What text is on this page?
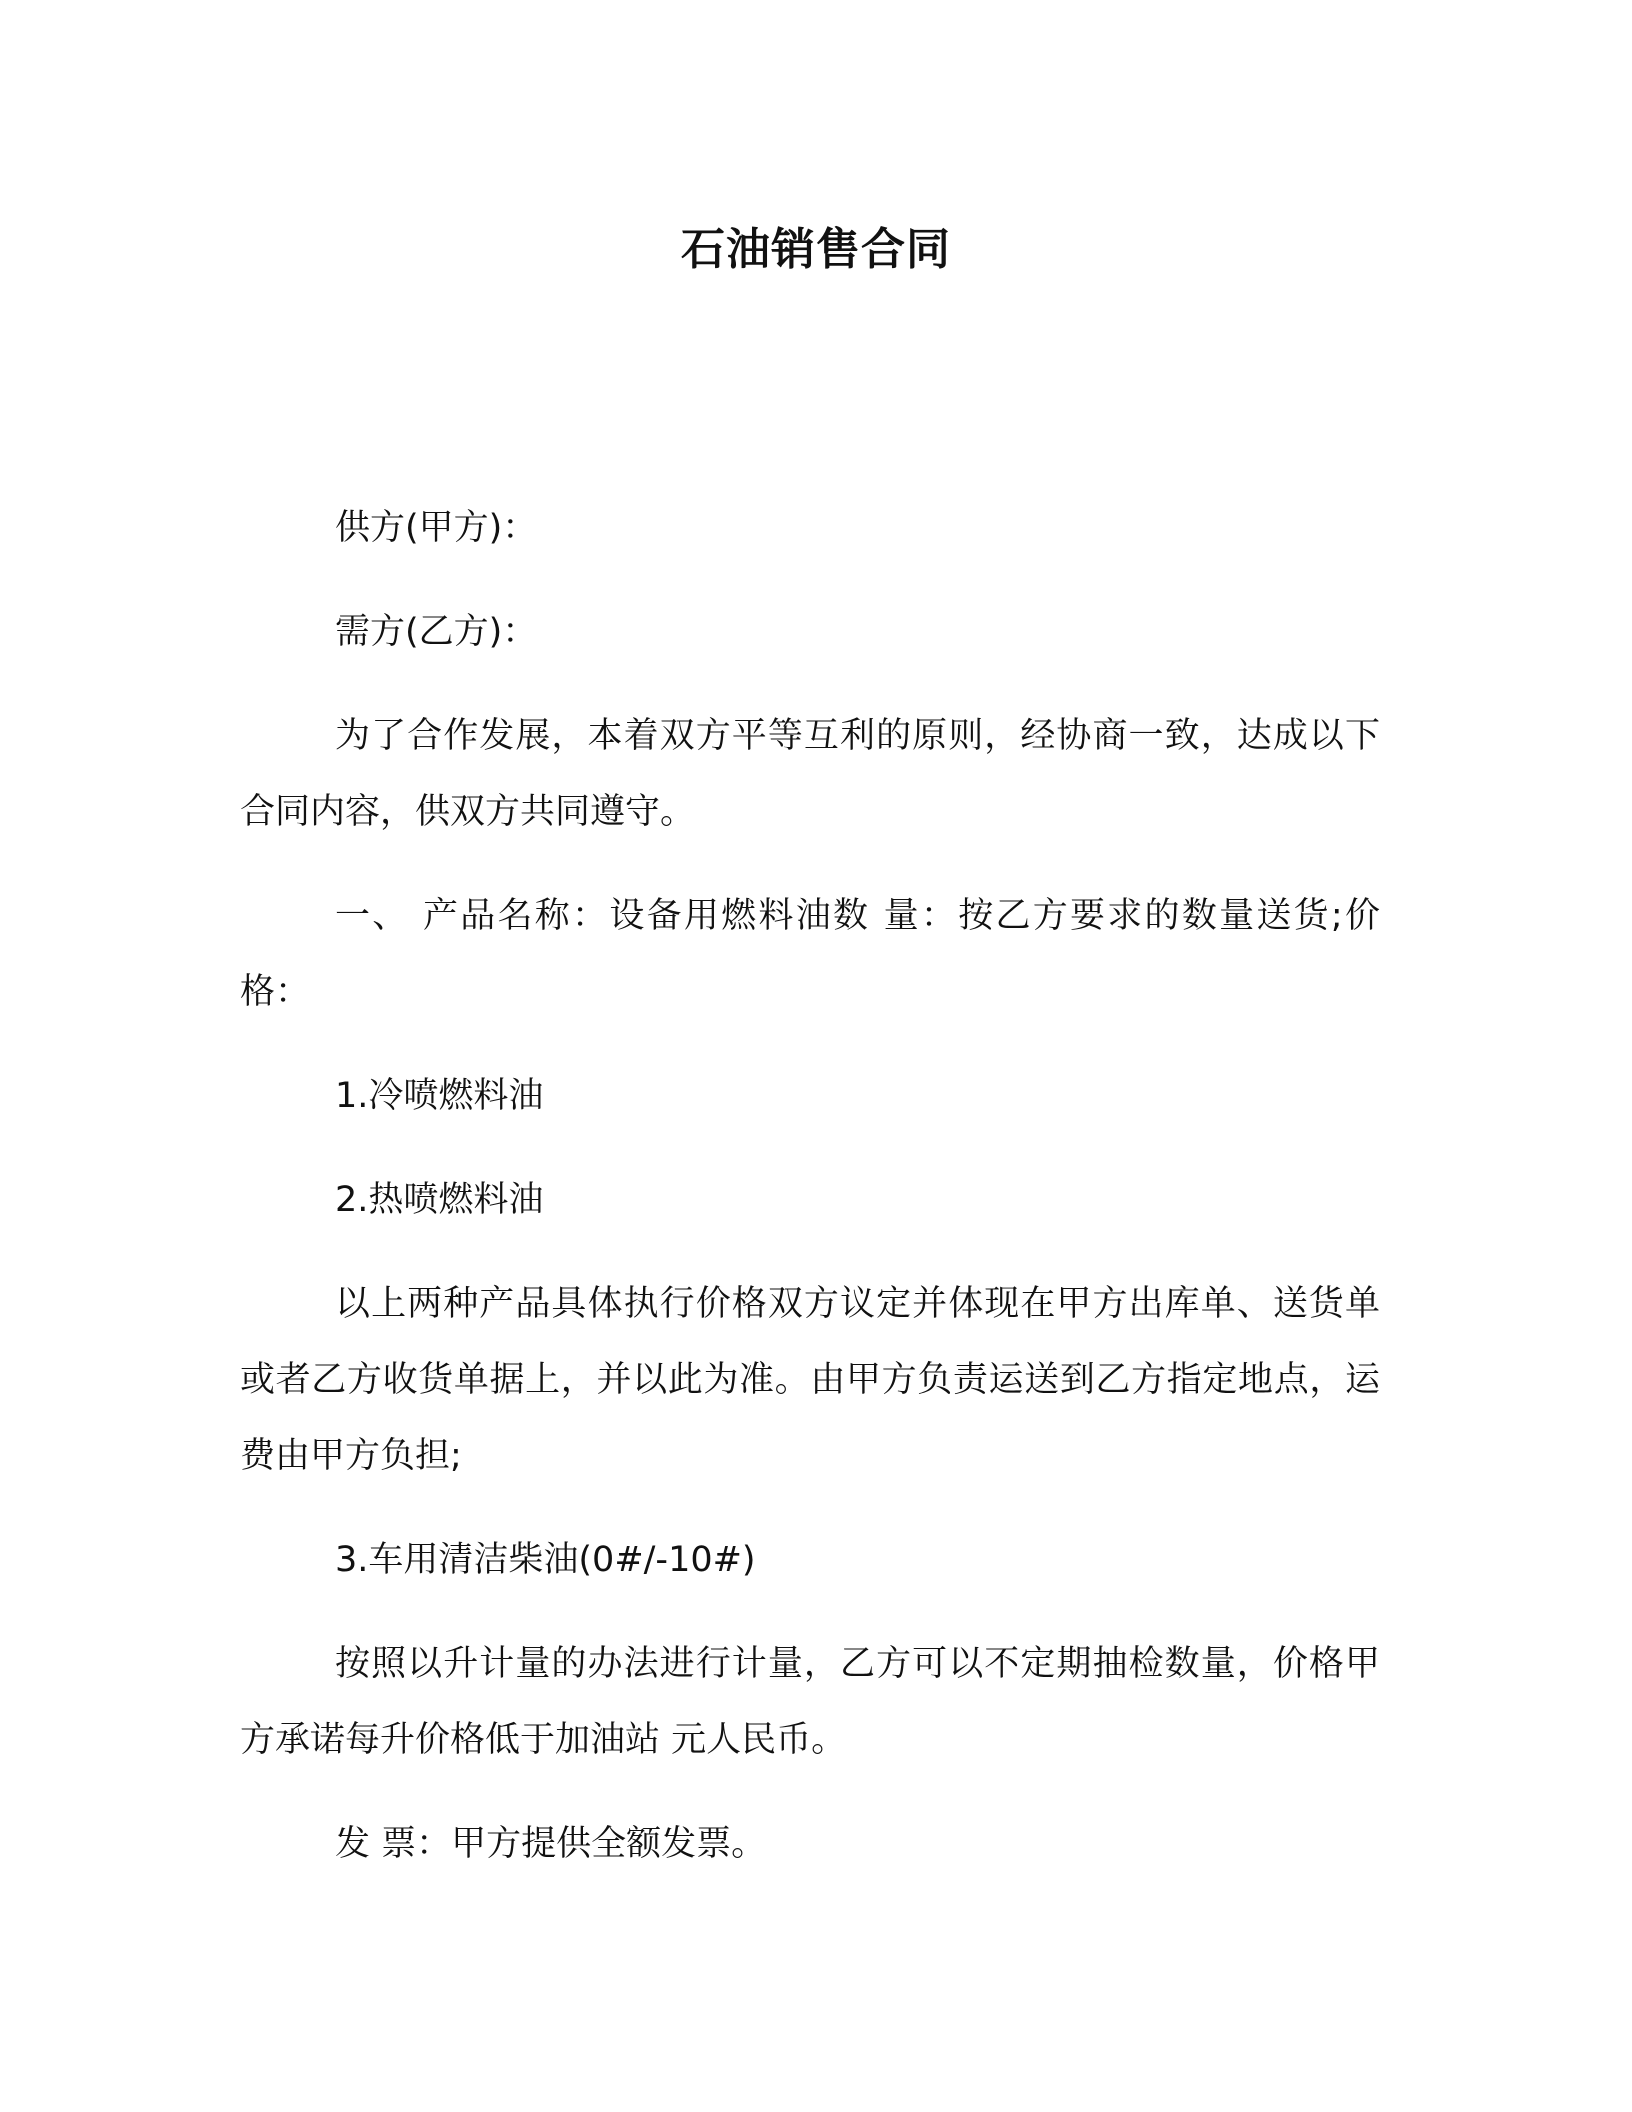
石油销售合同

供方(甲方)：

需方(乙方)：

为了合作发展，本着双方平等互利的原则，经协商一致，达成以下合同内容，供双方共同遵守。

一、 产品名称：设备用燃料油数 量：按乙方要求的数量送货;价格：

1.冷喷燃料油

2.热喷燃料油

以上两种产品具体执行价格双方议定并体现在甲方出库单、送货单或者乙方收货单据上，并以此为准。由甲方负责运送到乙方指定地点，运费由甲方负担;

3.车用清洁柴油(0#/-10#)

按照以升计量的办法进行计量，乙方可以不定期抽检数量，价格甲方承诺每升价格低于加油站 元人民币。

发 票：甲方提供全额发票。
